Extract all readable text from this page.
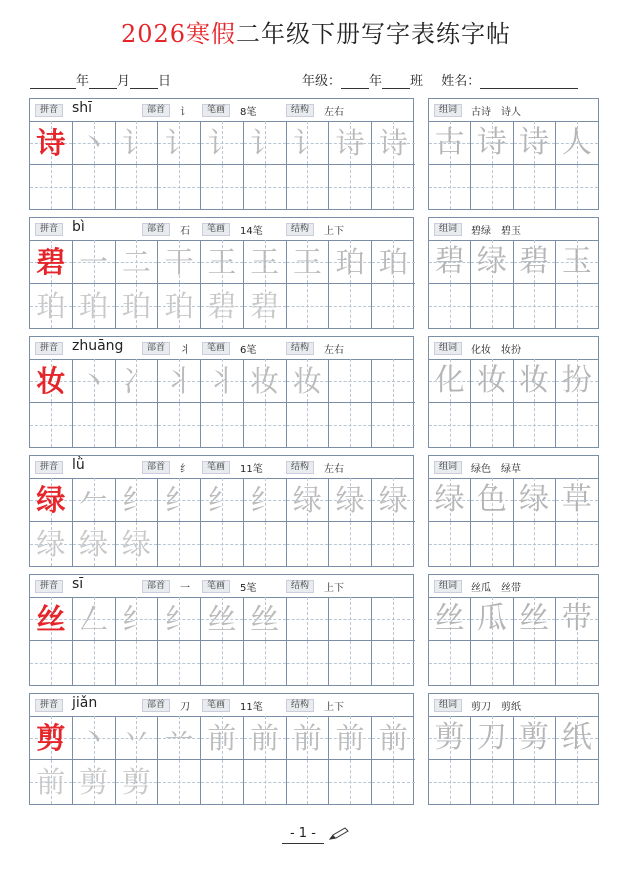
2026寒假二年级下册写字表练字帖
年 月 日	年级： 年 班 姓名：
拼音 shī	部首	讠	笔画	8笔	结构	左右
诗 丶 讠 讠 讠 讠 讠 诗 诗
组词	古诗　诗人
古 诗 诗 人
拼音 bì	部首	石	笔画	14笔	结构	上下
碧 一 二 干 王 王 王 珀 珀
珀 珀 珀 珀 碧 碧
组词	碧绿　碧玉
碧 绿 碧 玉
拼音 zhuāng	部首	丬	笔画	6笔	结构	左右
妆 丶 冫 丬 丬 妆 妆
组词	化妆　妆扮
化 妆 妆 扮
拼音 lǜ	部首	纟	笔画	11笔	结构	左右
绿 𠂉 纟 纟 纟 纟 绿 绿 绿
绿 绿 绿
组词	绿色　绿草
绿 色 绿 草
拼音 sī	部首	一	笔画	5笔	结构	上下
丝 𠃋 纟 纟 丝 丝
组词	丝瓜　丝带
丝 瓜 丝 带
拼音 jiǎn	部首	刀	笔画	11笔	结构	上下
剪 丶 丷 䒑 前 前 前 前 前
前 剪 剪
组词	剪刀　剪纸
剪 刀 剪 纸
- 1 -
